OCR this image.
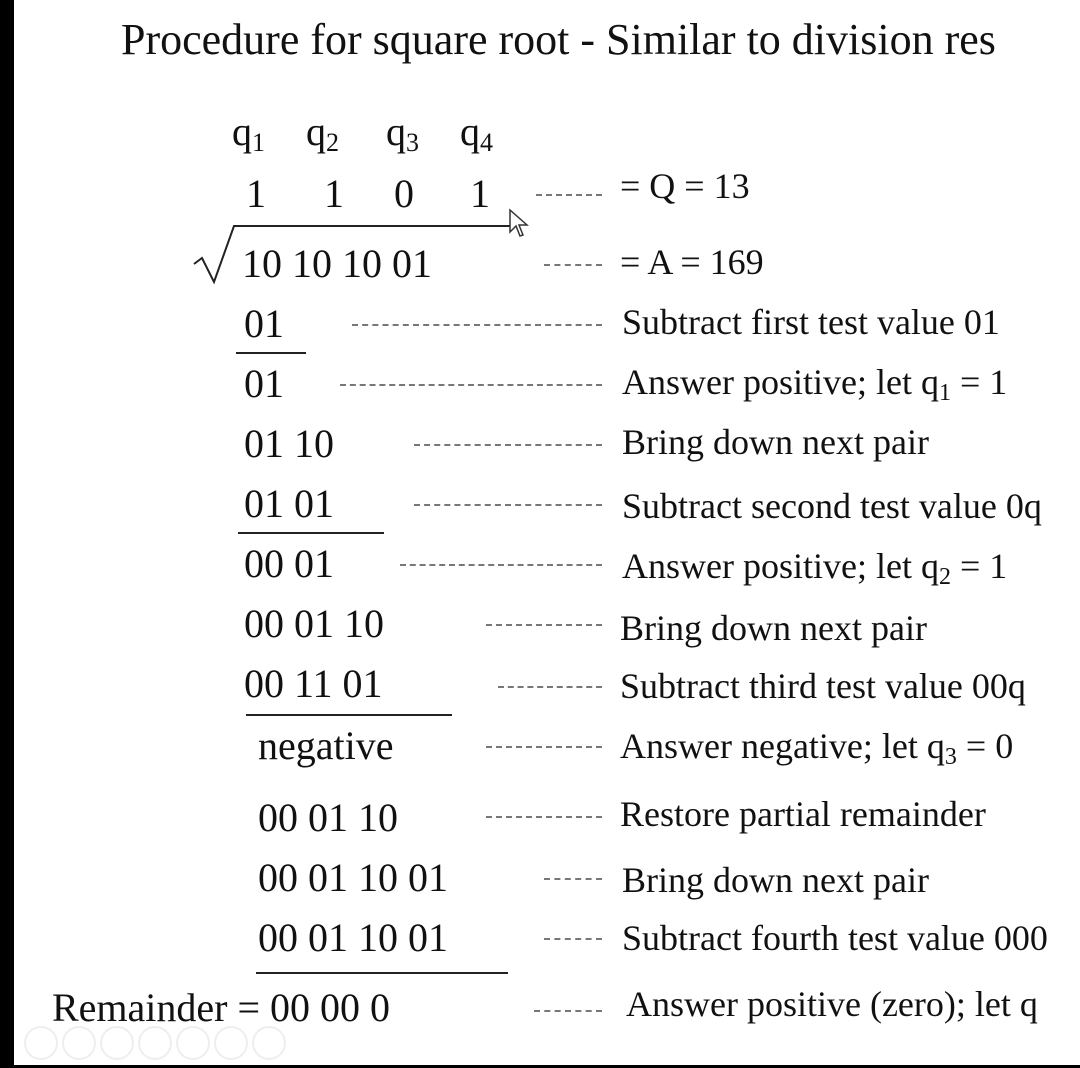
Procedure for square root - Similar to division res
$q_1$ $q_2$ $q_3$ $q_4$
1 1 0 1	= Q = 13
10 10 10 01	= A = 169
01	Subtract first test value 01
01	Answer positive; let $q_1 = 1$
01 10	Bring down next pair
01 01	Subtract second test value 0q
00 01	Answer positive; let $q_2 = 1$
00 01 10	Bring down next pair
00 11 01	Subtract third test value 00q
negative	Answer negative; let $q_3 = 0$
00 01 10	Restore partial remainder
00 01 10 01	Bring down next pair
00 01 10 01	Subtract fourth test value 000
Remainder = 00 00 0	Answer positive (zero); let q
